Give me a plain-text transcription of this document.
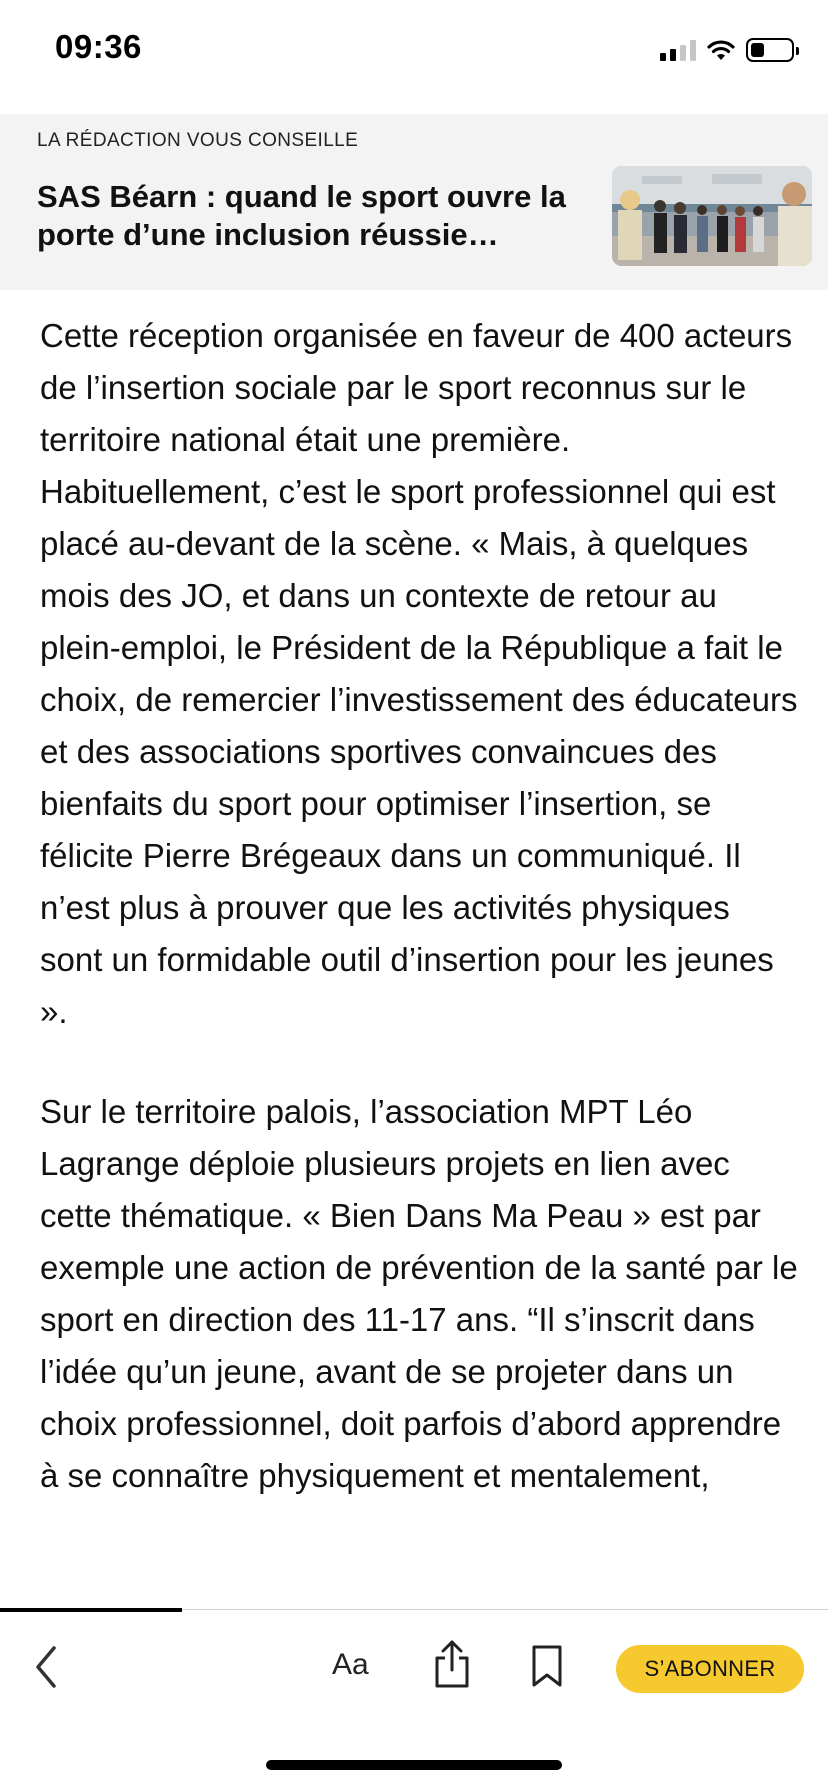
09:36
LA RÉDACTION VOUS CONSEILLE
SAS Béarn : quand le sport ouvre la porte d’une inclusion réussie…

Cette réception organisée en faveur de 400 acteurs de l’insertion sociale par le sport reconnus sur le territoire national était une première. Habituellement, c’est le sport professionnel qui est placé au-devant de la scène. « Mais, à quelques mois des JO, et dans un contexte de retour au plein-emploi, le Président de la République a fait le choix, de remercier l’investissement des éducateurs et des associations sportives convaincues des bienfaits du sport pour optimiser l’insertion, se félicite Pierre Brégeaux dans un communiqué. Il n’est plus à prouver que les activités physiques sont un formidable outil d’insertion pour les jeunes ».

Sur le territoire palois, l’association MPT Léo Lagrange déploie plusieurs projets en lien avec cette thématique. « Bien Dans Ma Peau » est par exemple une action de prévention de la santé par le sport en direction des 11-17 ans. “Il s’inscrit dans l’idée qu’un jeune, avant de se projeter dans un choix professionnel, doit parfois d’abord apprendre à se connaître physiquement et mentalement,

Aa	S’ABONNER
